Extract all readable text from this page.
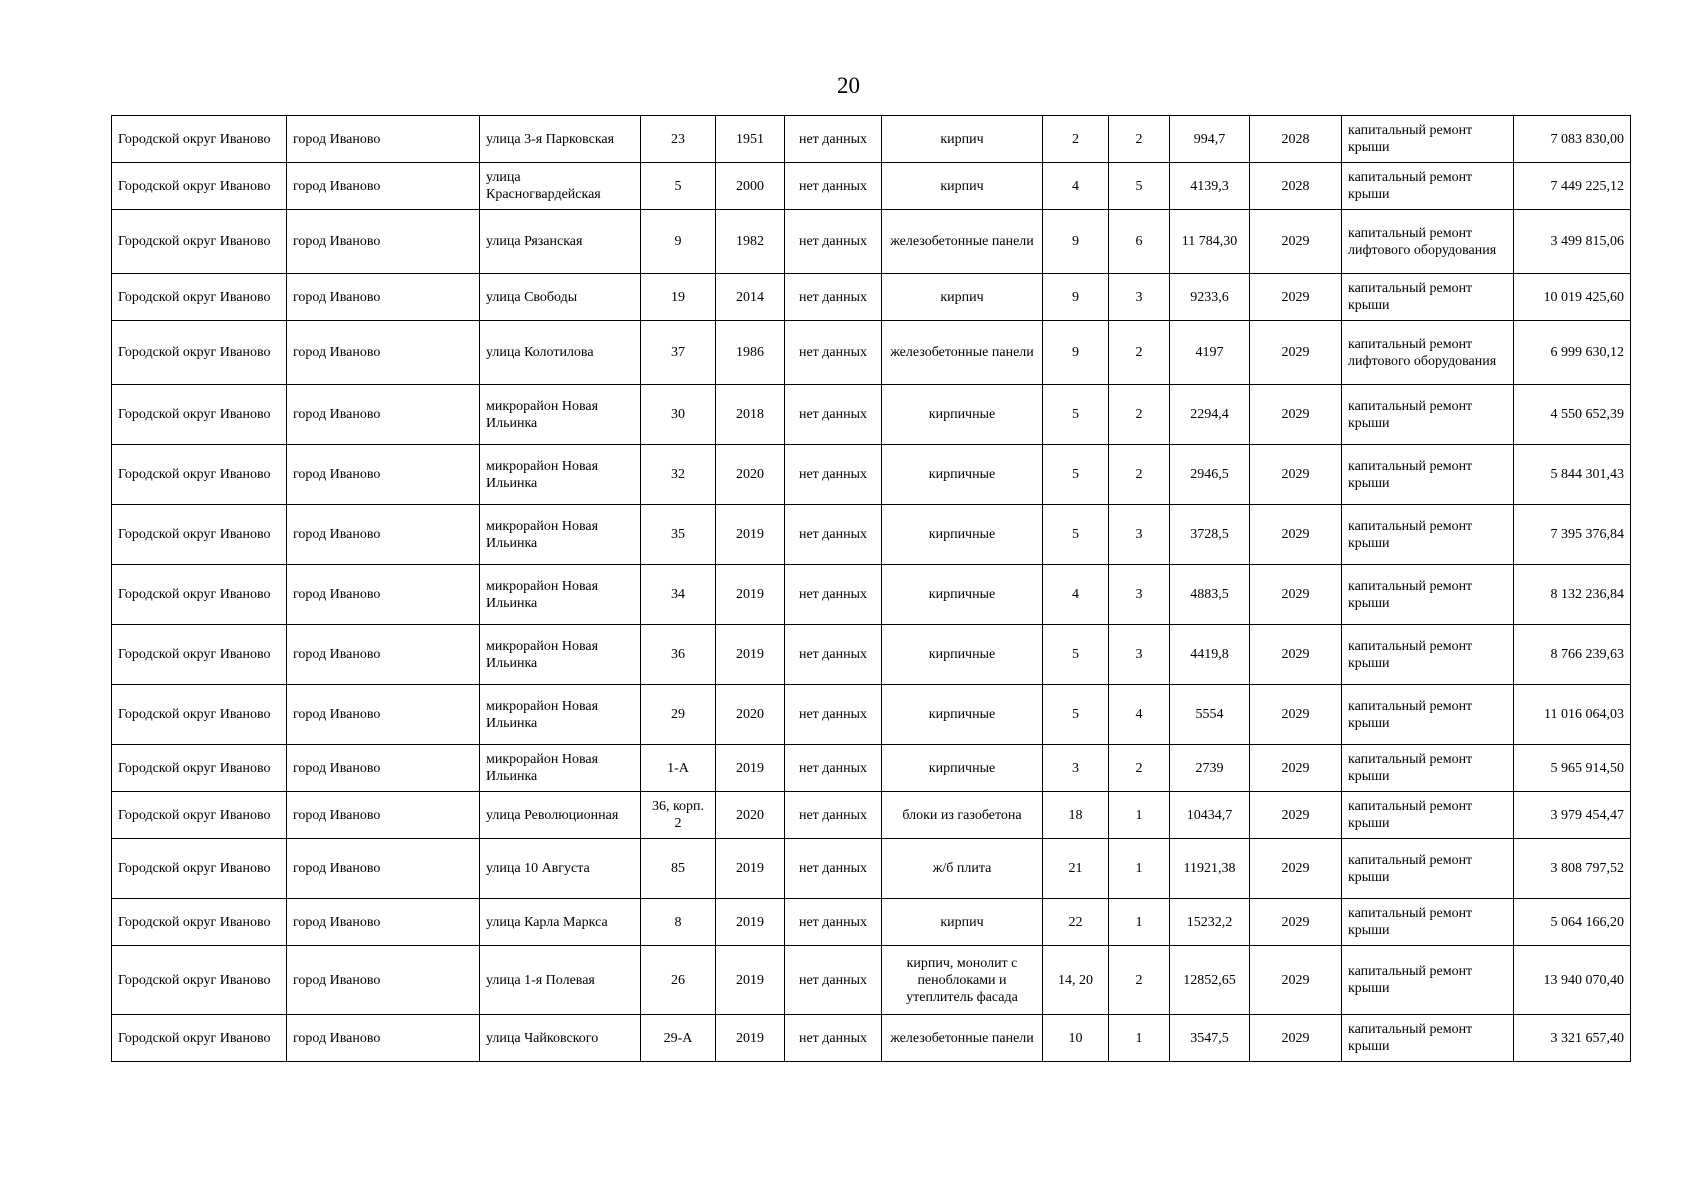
20
Городской округ Иваново	город Иваново	улица 3-я Парковская	23	1951	нет данных	кирпич	2	2	994,7	2028	капитальный ремонт крыши	7 083 830,00
Городской округ Иваново	город Иваново	улица Красногвардейская	5	2000	нет данных	кирпич	4	5	4139,3	2028	капитальный ремонт крыши	7 449 225,12
Городской округ Иваново	город Иваново	улица Рязанская	9	1982	нет данных	железобетонные панели	9	6	11 784,30	2029	капитальный ремонт лифтового оборудования	3 499 815,06
Городской округ Иваново	город Иваново	улица Свободы	19	2014	нет данных	кирпич	9	3	9233,6	2029	капитальный ремонт крыши	10 019 425,60
Городской округ Иваново	город Иваново	улица Колотилова	37	1986	нет данных	железобетонные панели	9	2	4197	2029	капитальный ремонт лифтового оборудования	6 999 630,12
Городской округ Иваново	город Иваново	микрорайон Новая Ильинка	30	2018	нет данных	кирпичные	5	2	2294,4	2029	капитальный ремонт крыши	4 550 652,39
Городской округ Иваново	город Иваново	микрорайон Новая Ильинка	32	2020	нет данных	кирпичные	5	2	2946,5	2029	капитальный ремонт крыши	5 844 301,43
Городской округ Иваново	город Иваново	микрорайон Новая Ильинка	35	2019	нет данных	кирпичные	5	3	3728,5	2029	капитальный ремонт крыши	7 395 376,84
Городской округ Иваново	город Иваново	микрорайон Новая Ильинка	34	2019	нет данных	кирпичные	4	3	4883,5	2029	капитальный ремонт крыши	8 132 236,84
Городской округ Иваново	город Иваново	микрорайон Новая Ильинка	36	2019	нет данных	кирпичные	5	3	4419,8	2029	капитальный ремонт крыши	8 766 239,63
Городской округ Иваново	город Иваново	микрорайон Новая Ильинка	29	2020	нет данных	кирпичные	5	4	5554	2029	капитальный ремонт крыши	11 016 064,03
Городской округ Иваново	город Иваново	микрорайон Новая Ильинка	1-А	2019	нет данных	кирпичные	3	2	2739	2029	капитальный ремонт крыши	5 965 914,50
Городской округ Иваново	город Иваново	улица Революционная	36, корп. 2	2020	нет данных	блоки из газобетона	18	1	10434,7	2029	капитальный ремонт крыши	3 979 454,47
Городской округ Иваново	город Иваново	улица 10 Августа	85	2019	нет данных	ж/б плита	21	1	11921,38	2029	капитальный ремонт крыши	3 808 797,52
Городской округ Иваново	город Иваново	улица Карла Маркса	8	2019	нет данных	кирпич	22	1	15232,2	2029	капитальный ремонт крыши	5 064 166,20
Городской округ Иваново	город Иваново	улица 1-я Полевая	26	2019	нет данных	кирпич, монолит с пеноблоками и утеплитель фасада	14, 20	2	12852,65	2029	капитальный ремонт крыши	13 940 070,40
Городской округ Иваново	город Иваново	улица Чайковского	29-А	2019	нет данных	железобетонные панели	10	1	3547,5	2029	капитальный ремонт крыши	3 321 657,40
